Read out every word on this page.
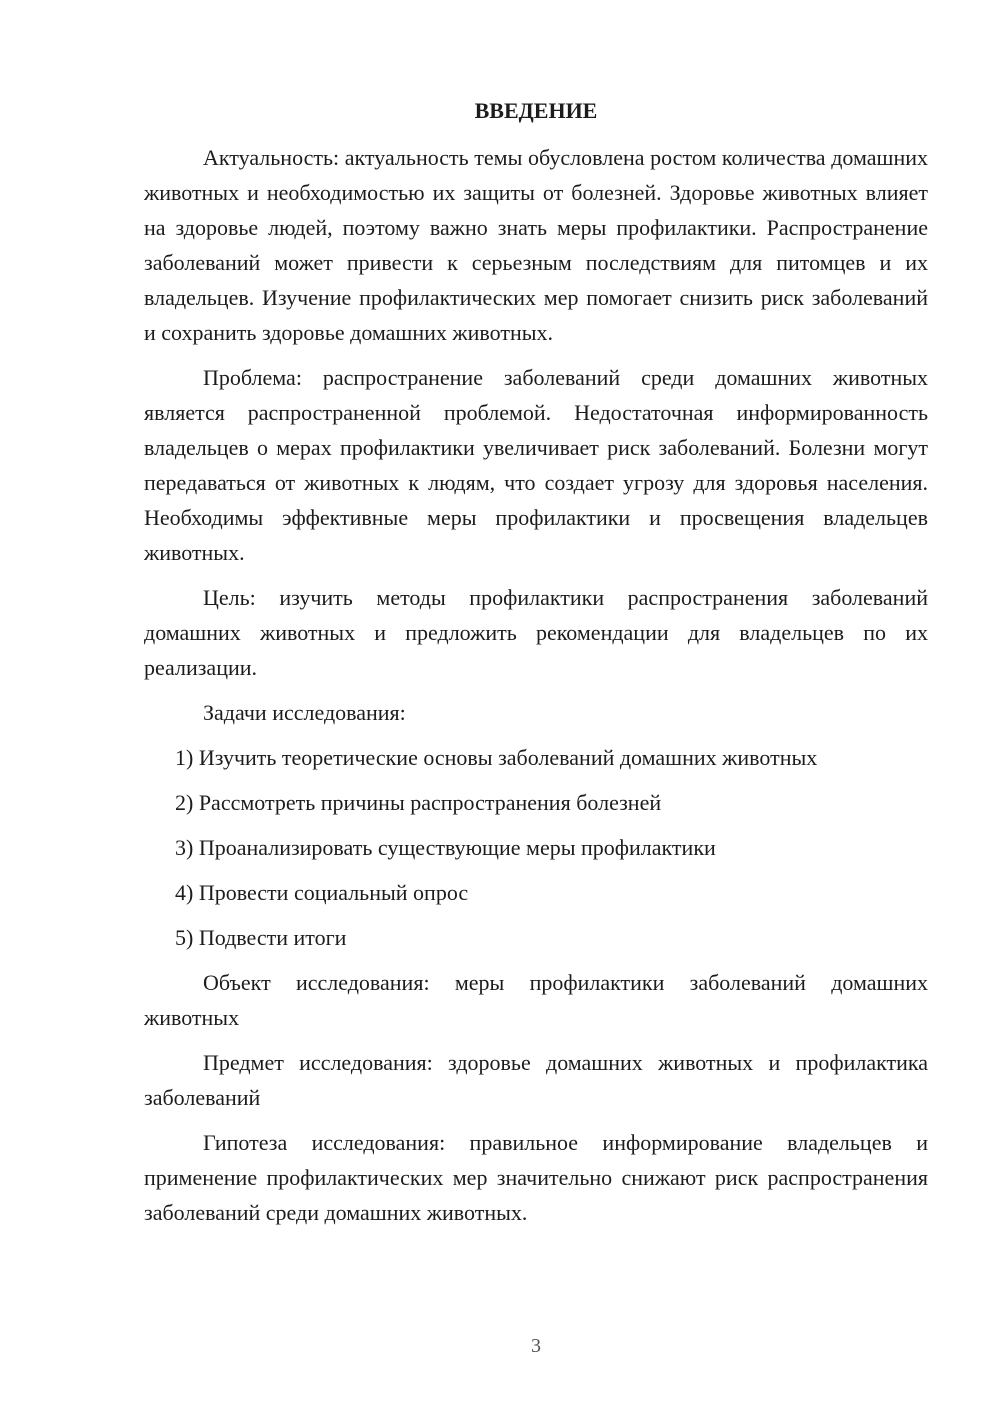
ВВЕДЕНИЕ

Актуальность: актуальность темы обусловлена ростом количества домашних животных и необходимостью их защиты от болезней. Здоровье животных влияет на здоровье людей, поэтому важно знать меры профилактики. Распространение заболеваний может привести к серьезным последствиям для питомцев и их владельцев. Изучение профилактических мер помогает снизить риск заболеваний и сохранить здоровье домашних животных.

Проблема: распространение заболеваний среди домашних животных является распространенной проблемой. Недостаточная информированность владельцев о мерах профилактики увеличивает риск заболеваний. Болезни могут передаваться от животных к людям, что создает угрозу для здоровья населения. Необходимы эффективные меры профилактики и просвещения владельцев животных.

Цель: изучить методы профилактики распространения заболеваний домашних животных и предложить рекомендации для владельцев по их реализации.

Задачи исследования:

1) Изучить теоретические основы заболеваний домашних животных
2) Рассмотреть причины распространения болезней
3) Проанализировать существующие меры профилактики
4) Провести социальный опрос
5) Подвести итоги

Объект исследования: меры профилактики заболеваний домашних животных

Предмет исследования: здоровье домашних животных и профилактика заболеваний

Гипотеза исследования: правильное информирование владельцев и применение профилактических мер значительно снижают риск распространения заболеваний среди домашних животных.

3
